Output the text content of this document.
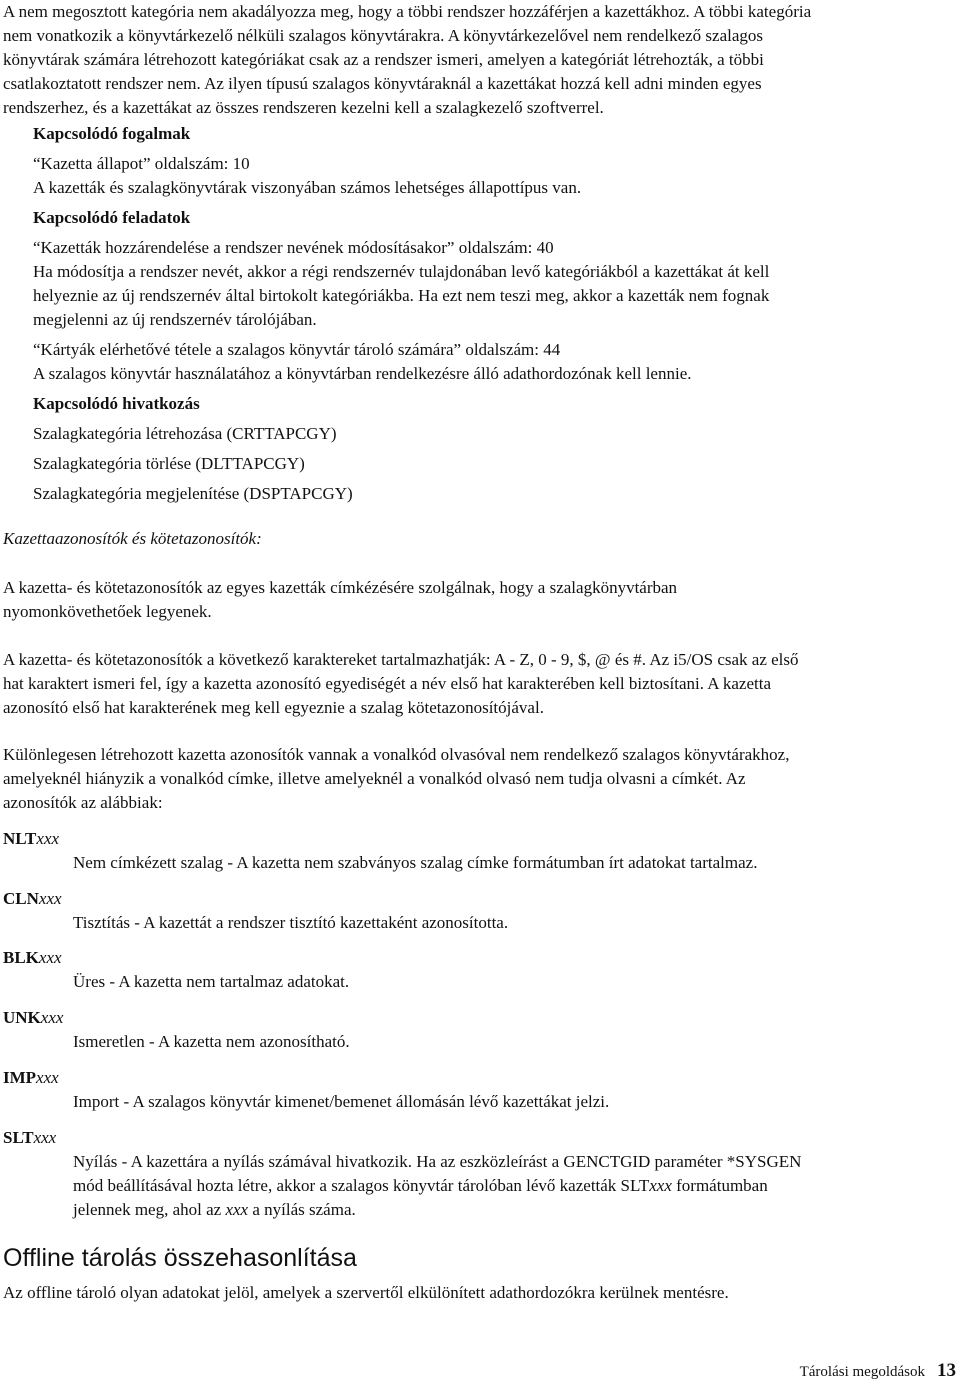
A nem megosztott kategória nem akadályozza meg, hogy a többi rendszer hozzáférjen a kazettákhoz. A többi kategória
nem vonatkozik a könyvtárkezelő nélküli szalagos könyvtárakra. A könyvtárkezelővel nem rendelkező szalagos
könyvtárak számára létrehozott kategóriákat csak az a rendszer ismeri, amelyen a kategóriát létrehozták, a többi
csatlakoztatott rendszer nem. Az ilyen típusú szalagos könyvtáraknál a kazettákat hozzá kell adni minden egyes
rendszerhez, és a kazettákat az összes rendszeren kezelni kell a szalagkezelő szoftverrel.
Kapcsolódó fogalmak
“Kazetta állapot” oldalszám: 10
A kazetták és szalagkönyvtárak viszonyában számos lehetséges állapottípus van.
Kapcsolódó feladatok
“Kazetták hozzárendelése a rendszer nevének módosításakor” oldalszám: 40
Ha módosítja a rendszer nevét, akkor a régi rendszernév tulajdonában levő kategóriákból a kazettákat át kell
helyeznie az új rendszernév által birtokolt kategóriákba. Ha ezt nem teszi meg, akkor a kazetták nem fognak
megjelenni az új rendszernév tárolójában.
“Kártyák elérhetővé tétele a szalagos könyvtár tároló számára” oldalszám: 44
A szalagos könyvtár használatához a könyvtárban rendelkezésre álló adathordozónak kell lennie.
Kapcsolódó hivatkozás
Szalagkategória létrehozása (CRTTAPCGY)
Szalagkategória törlése (DLTTAPCGY)
Szalagkategória megjelenítése (DSPTAPCGY)
Kazettaazonosítók és kötetazonosítók:
A kazetta- és kötetazonosítók az egyes kazetták címkézésére szolgálnak, hogy a szalagkönyvtárban
nyomonkövethetőek legyenek.
A kazetta- és kötetazonosítók a következő karaktereket tartalmazhatják: A - Z, 0 - 9, $, @ és #. Az i5/OS csak az első
hat karaktert ismeri fel, így a kazetta azonosító egyediségét a név első hat karakterében kell biztosítani. A kazetta
azonosító első hat karakterének meg kell egyeznie a szalag kötetazonosítójával.
Különlegesen létrehozott kazetta azonosítók vannak a vonalkód olvasóval nem rendelkező szalagos könyvtárakhoz,
amelyeknél hiányzik a vonalkód címke, illetve amelyeknél a vonalkód olvasó nem tudja olvasni a címkét. Az
azonosítók az alábbiak:
NLTxxx
Nem címkézett szalag - A kazetta nem szabványos szalag címke formátumban írt adatokat tartalmaz.
CLNxxx
Tisztítás - A kazettát a rendszer tisztító kazettaként azonosította.
BLKxxx
Üres - A kazetta nem tartalmaz adatokat.
UNKxxx
Ismeretlen - A kazetta nem azonosítható.
IMPxxx
Import - A szalagos könyvtár kimenet/bemenet állomásán lévő kazettákat jelzi.
SLTxxx
Nyílás - A kazettára a nyílás számával hivatkozik. Ha az eszközleírást a GENCTGID paraméter *SYSGEN
mód beállításával hozta létre, akkor a szalagos könyvtár tárolóban lévő kazetták SLTxxx formátumban
jelennek meg, ahol az xxx a nyílás száma.
Offline tárolás összehasonlítása
Az offline tároló olyan adatokat jelöl, amelyek a szervertől elkülönített adathordozókra kerülnek mentésre.
Tárolási megoldások 13
